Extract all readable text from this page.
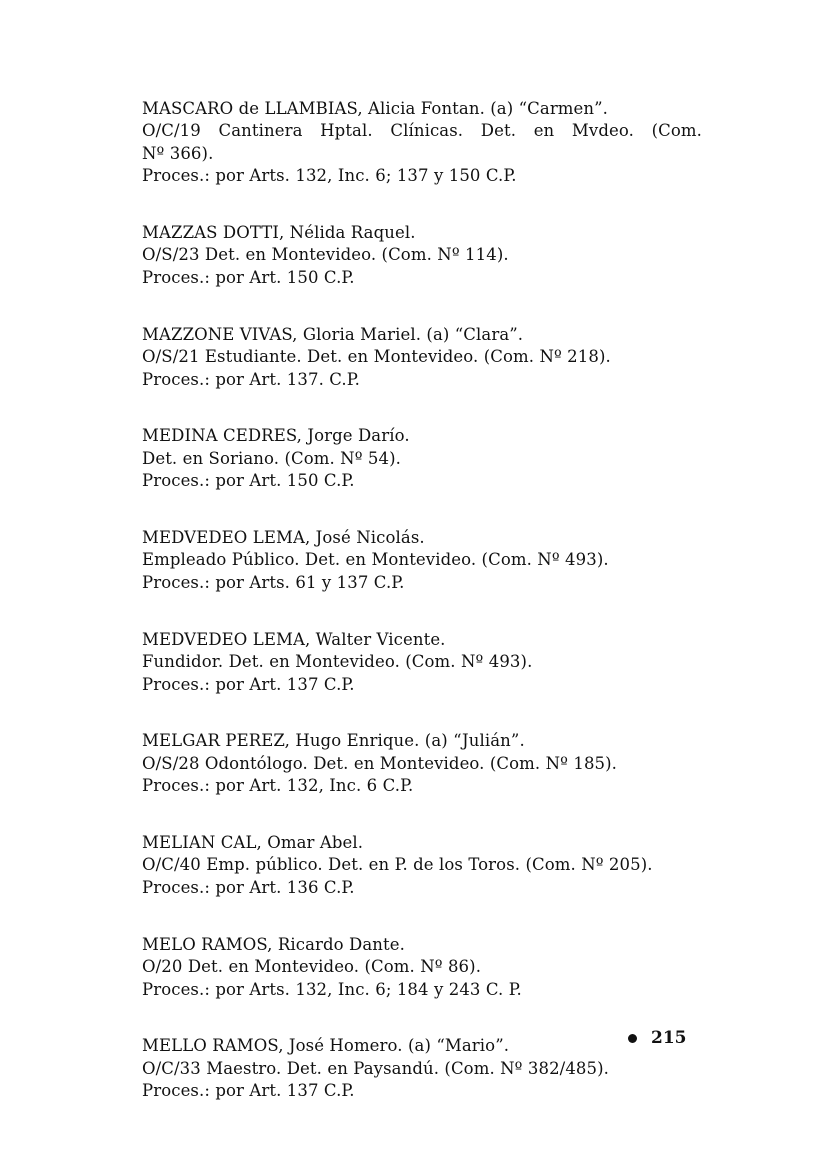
MASCARO de LLAMBIAS, Alicia Fontan. (a) “Carmen”.
O/C/19 Cantinera Hptal. Clínicas. Det. en Mvdeo. (Com.
Nº 366).
Proces.: por Arts. 132, Inc. 6; 137 y 150 C.P.
MAZZAS DOTTI, Nélida Raquel.
O/S/23 Det. en Montevideo. (Com. Nº 114).
Proces.: por Art. 150 C.P.
MAZZONE VIVAS, Gloria Mariel. (a) “Clara”.
O/S/21 Estudiante. Det. en Montevideo. (Com. Nº 218).
Proces.: por Art. 137. C.P.
MEDINA CEDRES, Jorge Darío.
Det. en Soriano. (Com. Nº 54).
Proces.: por Art. 150 C.P.
MEDVEDEO LEMA, José Nicolás.
Empleado Público. Det. en Montevideo. (Com. Nº 493).
Proces.: por Arts. 61 y 137 C.P.
MEDVEDEO LEMA, Walter Vicente.
Fundidor. Det. en Montevideo. (Com. Nº 493).
Proces.: por Art. 137 C.P.
MELGAR PEREZ, Hugo Enrique. (a) “Julián”.
O/S/28 Odontólogo. Det. en Montevideo. (Com. Nº 185).
Proces.: por Art. 132, Inc. 6 C.P.
MELIAN CAL, Omar Abel.
O/C/40 Emp. público. Det. en P. de los Toros. (Com. Nº 205).
Proces.: por Art. 136 C.P.
MELO RAMOS, Ricardo Dante.
O/20 Det. en Montevideo. (Com. Nº 86).
Proces.: por Arts. 132, Inc. 6; 184 y 243 C. P.
MELLO RAMOS, José Homero. (a) “Mario”.
O/C/33 Maestro. Det. en Paysandú. (Com. Nº 382/485).
Proces.: por Art. 137 C.P.
215
